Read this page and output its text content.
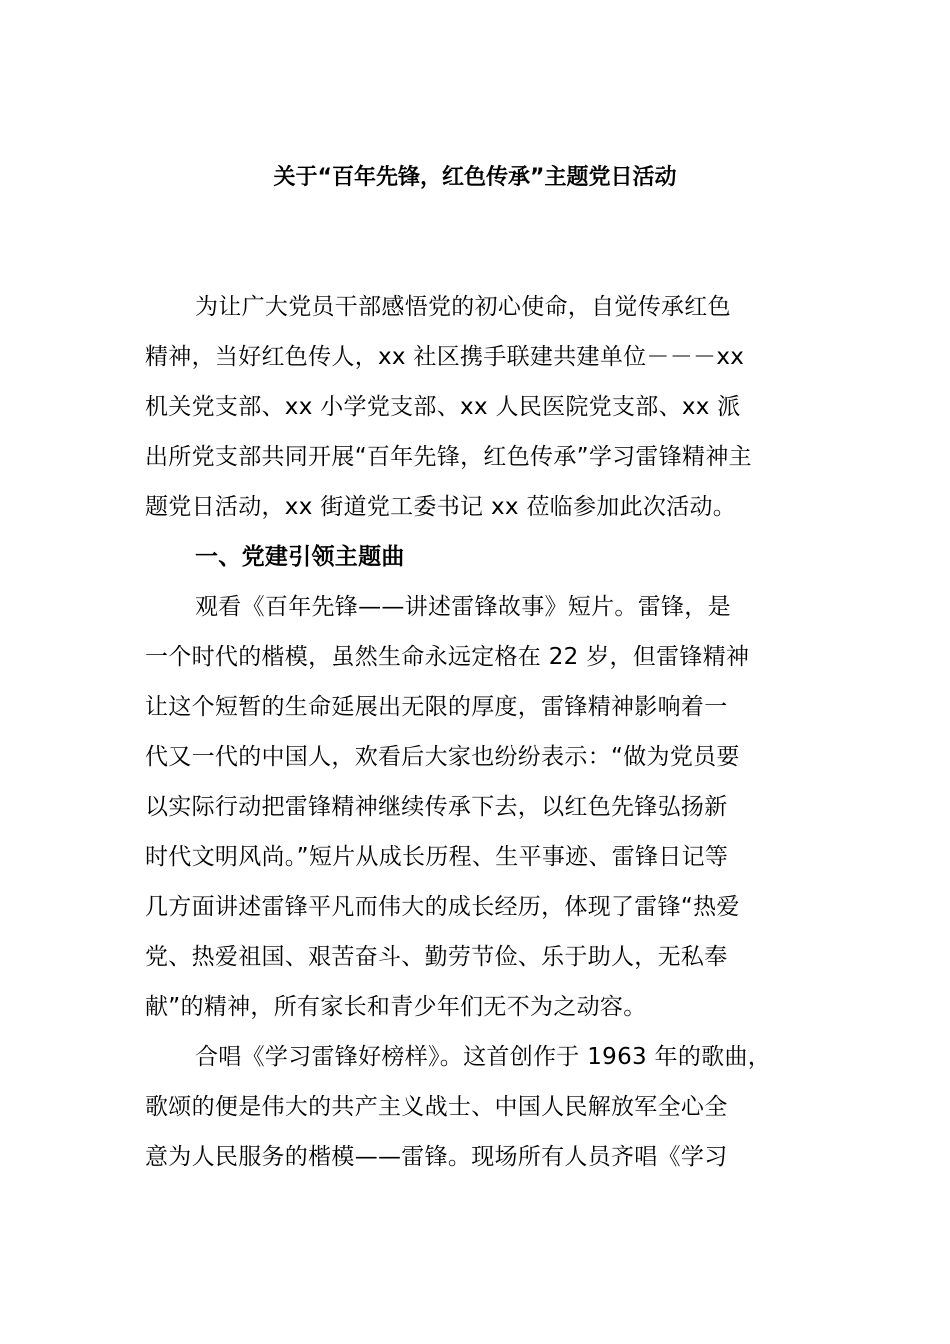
关于“百年先锋，红色传承”主题党日活动
为让广大党员干部感悟党的初心使命，自觉传承红色
精神，当好红色传人，xx 社区携手联建共建单位－－－xx
机关党支部、xx 小学党支部、xx 人民医院党支部、xx 派
出所党支部共同开展“百年先锋，红色传承”学习雷锋精神主
题党日活动，xx 街道党工委书记 xx 莅临参加此次活动。
一、党建引领主题曲
观看《百年先锋——讲述雷锋故事》短片。雷锋，是
一个时代的楷模，虽然生命永远定格在 22 岁，但雷锋精神
让这个短暂的生命延展出无限的厚度，雷锋精神影响着一
代又一代的中国人，欢看后大家也纷纷表示：“做为党员要
以实际行动把雷锋精神继续传承下去，以红色先锋弘扬新
时代文明风尚。”短片从成长历程、生平事迹、雷锋日记等
几方面讲述雷锋平凡而伟大的成长经历，体现了雷锋“热爱
党、热爱祖国、艰苦奋斗、勤劳节俭、乐于助人，无私奉
献”的精神，所有家长和青少年们无不为之动容。
合唱《学习雷锋好榜样》。这首创作于 1963 年的歌曲，
歌颂的便是伟大的共产主义战士、中国人民解放军全心全
意为人民服务的楷模——雷锋。现场所有人员齐唱《学习
